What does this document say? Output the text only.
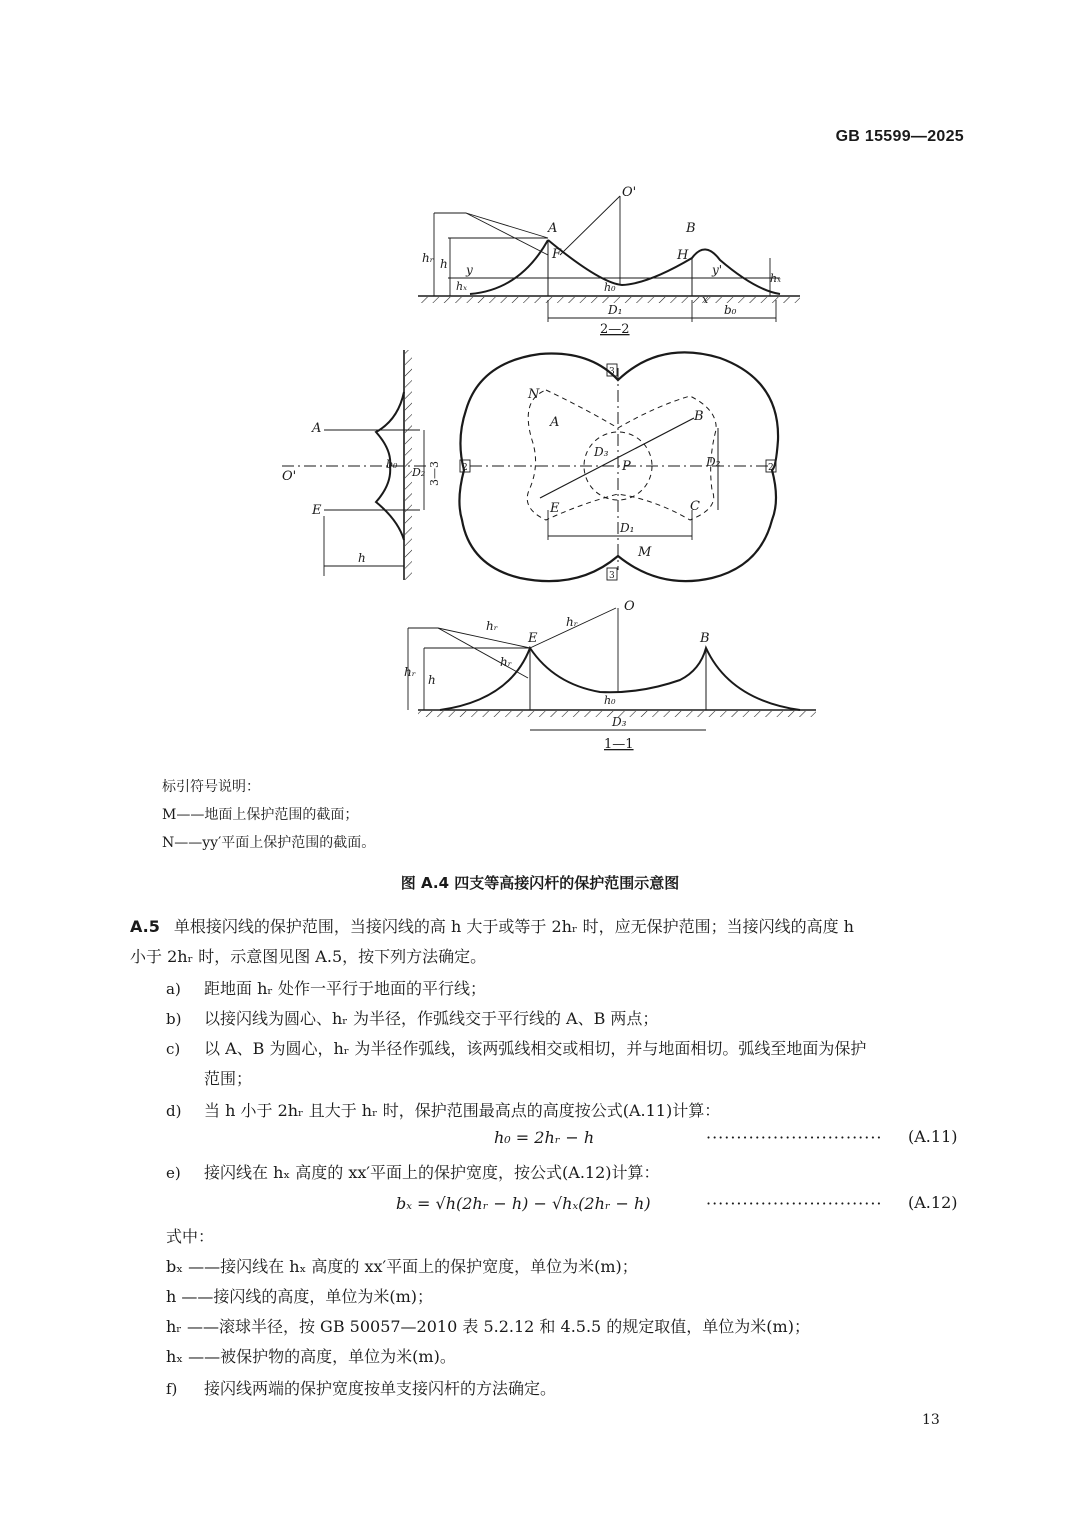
GB 15599—2025
A	B
O'
F	H
hᵣ h
hₓ
y	y'
hₓ
h₀
D₁	b₀
x
2—2
A
E
O'
b₀
h
D₂ 3—3
N
A	B
C
E
P
D₃
D₁
D₂
M
3
3
2	2
E	B
O
hᵣ	hᵣ
hᵣ
hᵣ
h
h₀
D₃
1—1
标引符号说明：
M——地面上保护范围的截面；
N——yy′平面上保护范围的截面。
图 A.4 四支等高接闪杆的保护范围示意图
A.5 单根接闪线的保护范围，当接闪线的高 h 大于或等于 2hᵣ 时，应无保护范围；当接闪线的高度 h
小于 2hᵣ 时，示意图见图 A.5，按下列方法确定。
a) 距地面 hᵣ 处作一平行于地面的平行线；
b) 以接闪线为圆心、hᵣ 为半径，作弧线交于平行线的 A、B 两点；
c) 以 A、B 为圆心，hᵣ 为半径作弧线，该两弧线相交或相切，并与地面相切。弧线至地面为保护
范围；
d) 当 h 小于 2hᵣ 且大于 hᵣ 时，保护范围最高点的高度按公式(A.11)计算：
h₀ = 2hᵣ − h	····························· (A.11)
e) 接闪线在 hₓ 高度的 xx′平面上的保护宽度，按公式(A.12)计算：
bₓ = √h(2hᵣ − h) − √hₓ(2hᵣ − h)	····························· (A.12)
式中：
bₓ ——接闪线在 hₓ 高度的 xx′平面上的保护宽度，单位为米(m)；
h ——接闪线的高度，单位为米(m)；
hᵣ ——滚球半径，按 GB 50057—2010 表 5.2.12 和 4.5.5 的规定取值，单位为米(m)；
hₓ ——被保护物的高度，单位为米(m)。
f) 接闪线两端的保护宽度按单支接闪杆的方法确定。
13
